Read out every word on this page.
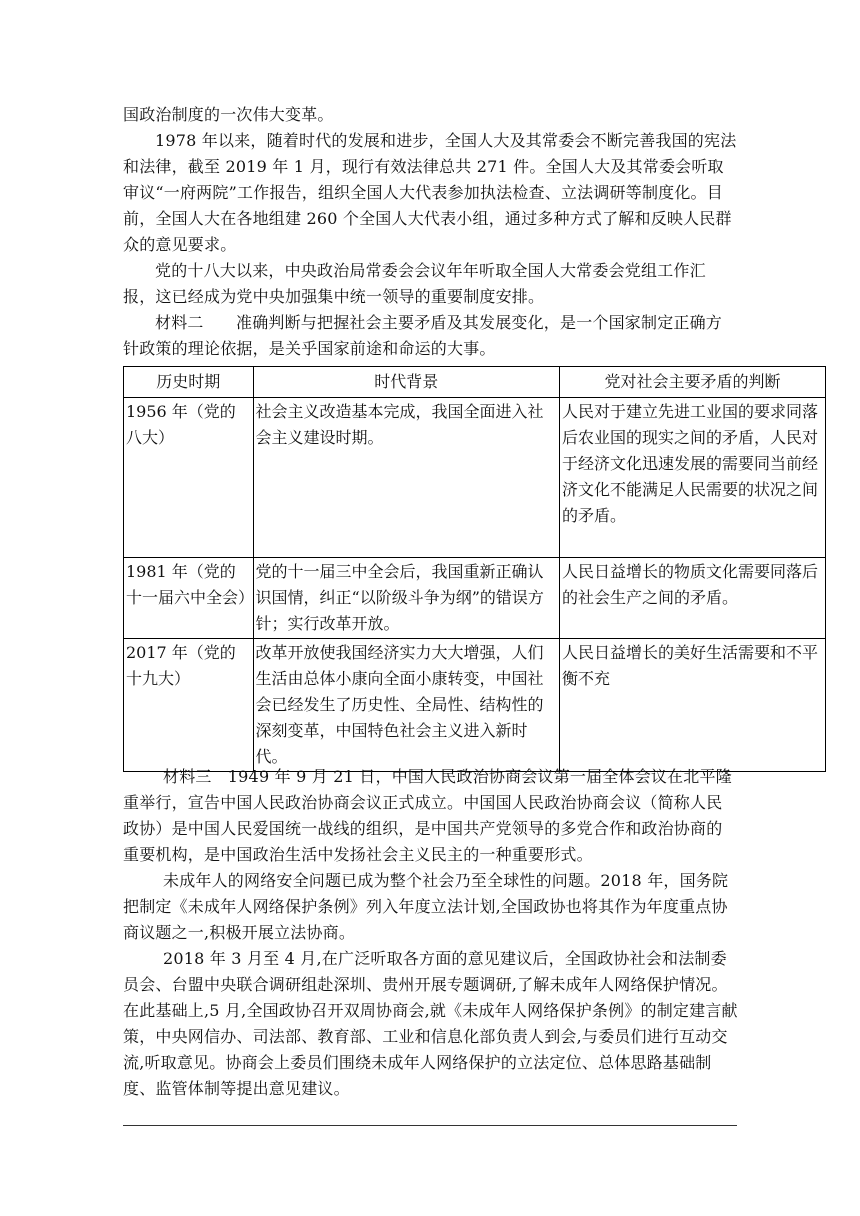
国政治制度的一次伟大变革。

1978 年以来，随着时代的发展和进步，全国人大及其常委会不断完善我国的宪法和法律，截至 2019 年 1 月，现行有效法律总共 271 件。全国人大及其常委会听取审议“一府两院”工作报告，组织全国人大代表参加执法检查、立法调研等制度化。目前，全国人大在各地组建 260 个全国人大代表小组，通过多种方式了解和反映人民群众的意见要求。

党的十八大以来，中央政治局常委会会议年年听取全国人大常委会党组工作汇报，这已经成为党中央加强集中统一领导的重要制度安排。

材料二　　准确判断与把握社会主要矛盾及其发展变化，是一个国家制定正确方针政策的理论依据，是关乎国家前途和命运的大事。

历史时期	时代背景	党对社会主要矛盾的判断
1956 年（党的八大）	社会主义改造基本完成，我国全面进入社会主义建设时期。	人民对于建立先进工业国的要求同落后农业国的现实之间的矛盾，人民对于经济文化迅速发展的需要同当前经济文化不能满足人民需要的状况之间的矛盾。
1981 年（党的十一届六中全会）	党的十一届三中全会后，我国重新正确认识国情，纠正“以阶级斗争为纲”的错误方针；实行改革开放。	人民日益增长的物质文化需要同落后的社会生产之间的矛盾。
2017 年（党的十九大）	改革开放使我国经济实力大大增强，人们生活由总体小康向全面小康转变，中国社会已经发生了历史性、全局性、结构性的深刻变革，中国特色社会主义进入新时代。	人民日益增长的美好生活需要和不平衡不充

材料三　1949 年 9 月 21 日，中国人民政治协商会议第一届全体会议在北平隆重举行，宣告中国人民政治协商会议正式成立。中国国人民政治协商会议（简称人民政协）是中国人民爱国统一战线的组织，是中国共产党领导的多党合作和政治协商的重要机构，是中国政治生活中发扬社会主义民主的一种重要形式。

未成年人的网络安全问题已成为整个社会乃至全球性的问题。2018 年，国务院把制定《未成年人网络保护条例》列入年度立法计划,全国政协也将其作为年度重点协商议题之一,积极开展立法协商。

2018 年 3 月至 4 月,在广泛听取各方面的意见建议后，全国政协社会和法制委员会、台盟中央联合调研组赴深圳、贵州开展专题调研,了解未成年人网络保护情况。在此基础上,5 月,全国政协召开双周协商会,就《未成年人网络保护条例》的制定建言献策，中央网信办、司法部、教育部、工业和信息化部负责人到会,与委员们进行互动交流,听取意见。协商会上委员们围绕未成年人网络保护的立法定位、总体思路基础制度、监管体制等提出意见建议。
